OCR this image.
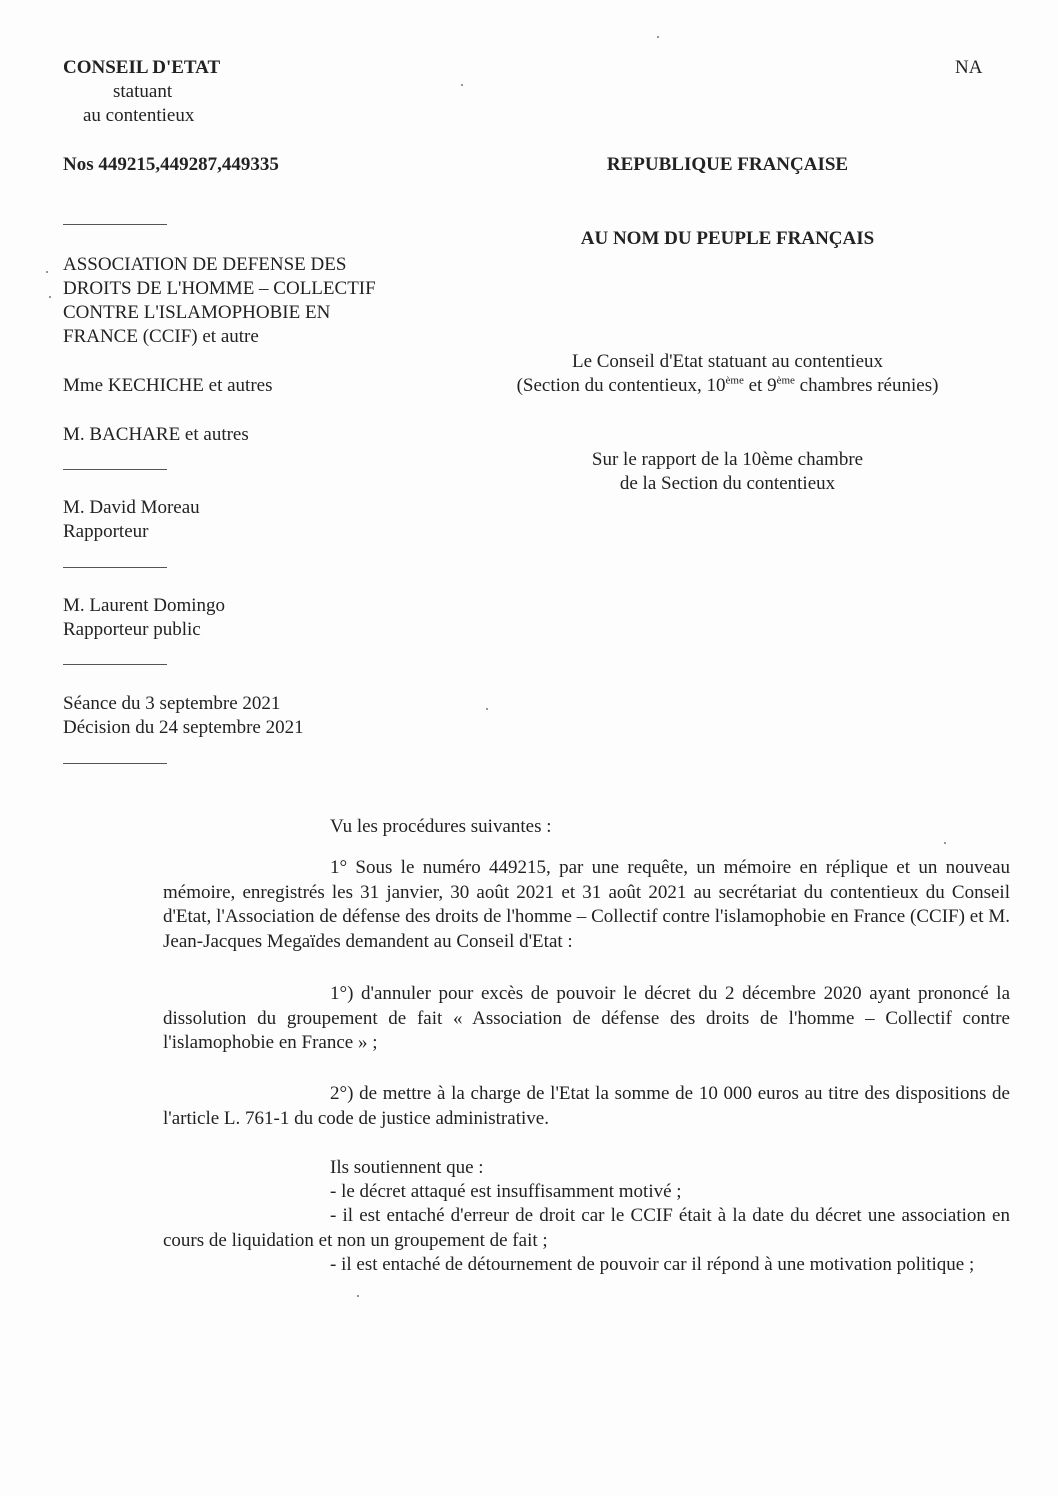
CONSEIL D'ETAT
statuant
au contentieux
Nos 449215,449287,449335
ASSOCIATION DE DEFENSE DES
DROITS DE L'HOMME – COLLECTIF
CONTRE L'ISLAMOPHOBIE EN
FRANCE (CCIF) et autre
Mme KECHICHE et autres
M. BACHARE et autres
M. David Moreau
Rapporteur
M. Laurent Domingo
Rapporteur public
Séance du 3 septembre 2021
Décision du 24 septembre 2021
NA
REPUBLIQUE FRANÇAISE
AU NOM DU PEUPLE FRANÇAIS
Le Conseil d'Etat statuant au contentieux
(Section du contentieux, 10ème et 9ème chambres réunies)
Sur le rapport de la 10ème chambre
de la Section du contentieux
Vu les procédures suivantes :
1° Sous le numéro 449215, par une requête, un mémoire en réplique et un nouveau mémoire, enregistrés les 31 janvier, 30 août 2021 et 31 août 2021 au secrétariat du contentieux du Conseil d'Etat, l'Association de défense des droits de l'homme – Collectif contre l'islamophobie en France (CCIF) et M. Jean-Jacques Megaïdes demandent au Conseil d'Etat :
1°) d'annuler pour excès de pouvoir le décret du 2 décembre 2020 ayant prononcé la dissolution du groupement de fait « Association de défense des droits de l'homme – Collectif contre l'islamophobie en France » ;
2°) de mettre à la charge de l'Etat la somme de 10 000 euros au titre des dispositions de l'article L. 761-1 du code de justice administrative.
Ils soutiennent que :
- le décret attaqué est insuffisamment motivé ;
- il est entaché d'erreur de droit car le CCIF était à la date du décret une association en cours de liquidation et non un groupement de fait ;
- il est entaché de détournement de pouvoir car il répond à une motivation politique ;
